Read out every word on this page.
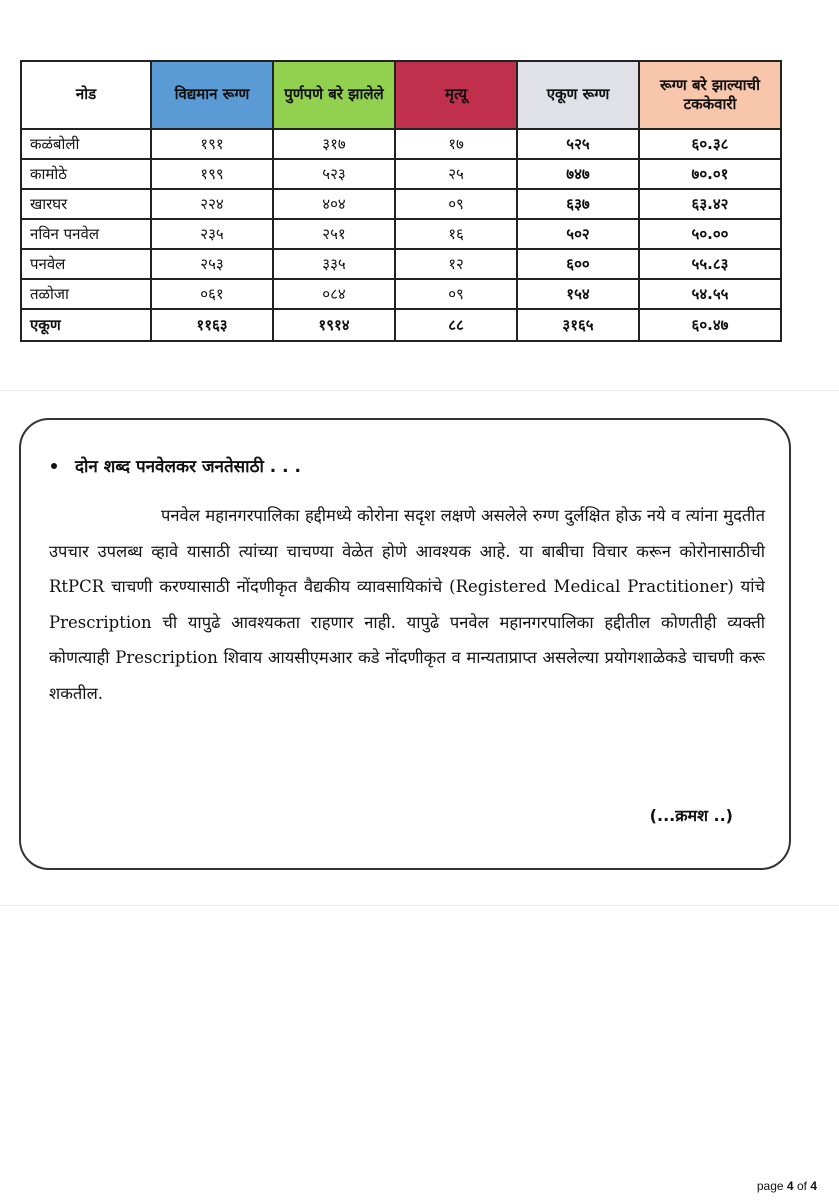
नोड	विद्यमान रूग्ण	पुर्णपणे बरे झालेले	मृत्यू	एकूण रूग्ण	रूग्ण बरे झाल्याची टककेवारी
कळंबोली	१९१	३१७	१७	५२५	६०.३८
कामोठे	१९९	५२३	२५	७४७	७०.०१
खारघर	२२४	४०४	०९	६३७	६३.४२
नविन पनवेल	२३५	२५१	१६	५०२	५०.००
पनवेल	२५३	३३५	१२	६००	५५.८३
तळोजा	०६१	०८४	०९	१५४	५४.५५
एकूण	११६३	१९१४	८८	३१६५	६०.४७
दोन शब्द पनवेलकर जनतेसाठी . . .

पनवेल महानगरपालिका हद्दीमध्ये कोरोना सदृश लक्षणे असलेले रुग्ण दुर्लक्षित होऊ नये व त्यांना मुदतीत उपचार उपलब्ध व्हावे यासाठी त्यांच्या चाचण्या वेळेत होणे आवश्यक आहे. या बाबीचा विचार करून कोरोनासाठीची RtPCR चाचणी करण्यासाठी नोंदणीकृत वैद्यकीय व्यावसायिकांचे (Registered Medical Practitioner) यांचे Prescription ची यापुढे आवश्यकता राहणार नाही. यापुढे पनवेल महानगरपालिका हद्दीतील कोणतीही व्यक्ती कोणत्याही Prescription शिवाय आयसीएमआर कडे नोंदणीकृत व मान्यताप्राप्त असलेल्या प्रयोगशाळेकडे चाचणी करू शकतील.

(...क्रमश ..)
page 4 of 4
